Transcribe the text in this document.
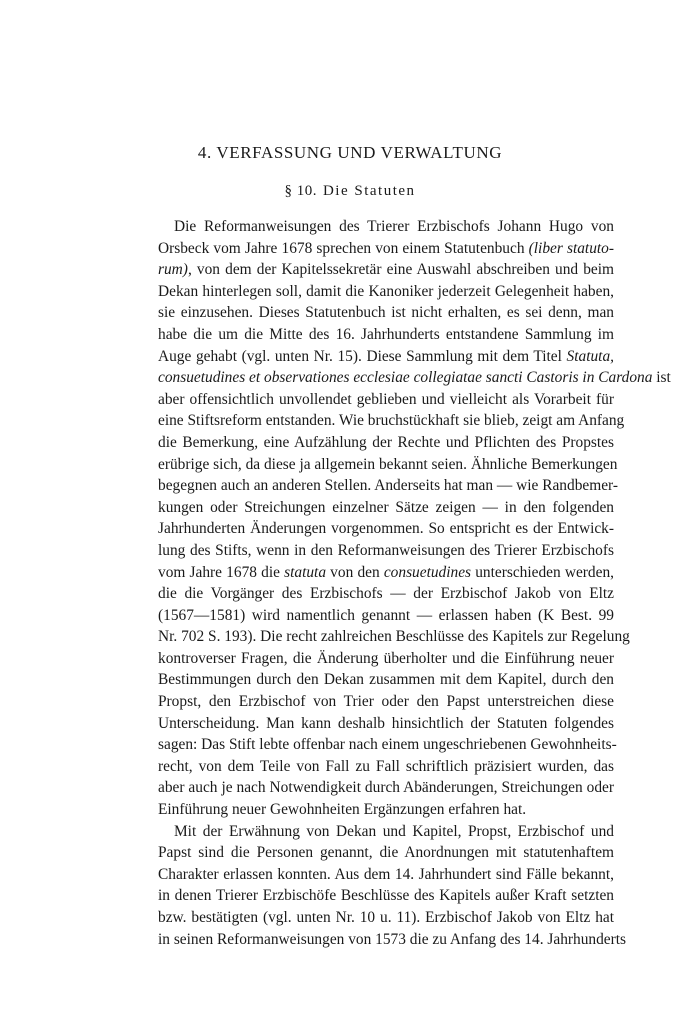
4. VERFASSUNG UND VERWALTUNG
§ 10. Die Statuten
Die Reformanweisungen des Trierer Erzbischofs Johann Hugo von
Orsbeck vom Jahre 1678 sprechen von einem Statutenbuch (liber statuto-
rum), von dem der Kapitelssekretär eine Auswahl abschreiben und beim
Dekan hinterlegen soll, damit die Kanoniker jederzeit Gelegenheit haben,
sie einzusehen. Dieses Statutenbuch ist nicht erhalten, es sei denn, man
habe die um die Mitte des 16. Jahrhunderts entstandene Sammlung im
Auge gehabt (vgl. unten Nr. 15). Diese Sammlung mit dem Titel Statuta,
consuetudines et observationes ecclesiae collegiatae sancti Castoris in Cardona ist
aber offensichtlich unvollendet geblieben und vielleicht als Vorarbeit für
eine Stiftsreform entstanden. Wie bruchstückhaft sie blieb, zeigt am Anfang
die Bemerkung, eine Aufzählung der Rechte und Pflichten des Propstes
erübrige sich, da diese ja allgemein bekannt seien. Ähnliche Bemerkungen
begegnen auch an anderen Stellen. Anderseits hat man — wie Randbemer-
kungen oder Streichungen einzelner Sätze zeigen — in den folgenden
Jahrhunderten Änderungen vorgenommen. So entspricht es der Entwick-
lung des Stifts, wenn in den Reformanweisungen des Trierer Erzbischofs
vom Jahre 1678 die statuta von den consuetudines unterschieden werden,
die die Vorgänger des Erzbischofs — der Erzbischof Jakob von Eltz
(1567—1581) wird namentlich genannt — erlassen haben (K Best. 99
Nr. 702 S. 193). Die recht zahlreichen Beschlüsse des Kapitels zur Regelung
kontroverser Fragen, die Änderung überholter und die Einführung neuer
Bestimmungen durch den Dekan zusammen mit dem Kapitel, durch den
Propst, den Erzbischof von Trier oder den Papst unterstreichen diese
Unterscheidung. Man kann deshalb hinsichtlich der Statuten folgendes
sagen: Das Stift lebte offenbar nach einem ungeschriebenen Gewohnheits-
recht, von dem Teile von Fall zu Fall schriftlich präzisiert wurden, das
aber auch je nach Notwendigkeit durch Abänderungen, Streichungen oder
Einführung neuer Gewohnheiten Ergänzungen erfahren hat.
Mit der Erwähnung von Dekan und Kapitel, Propst, Erzbischof und
Papst sind die Personen genannt, die Anordnungen mit statutenhaftem
Charakter erlassen konnten. Aus dem 14. Jahrhundert sind Fälle bekannt,
in denen Trierer Erzbischöfe Beschlüsse des Kapitels außer Kraft setzten
bzw. bestätigten (vgl. unten Nr. 10 u. 11). Erzbischof Jakob von Eltz hat
in seinen Reformanweisungen von 1573 die zu Anfang des 14. Jahrhunderts
